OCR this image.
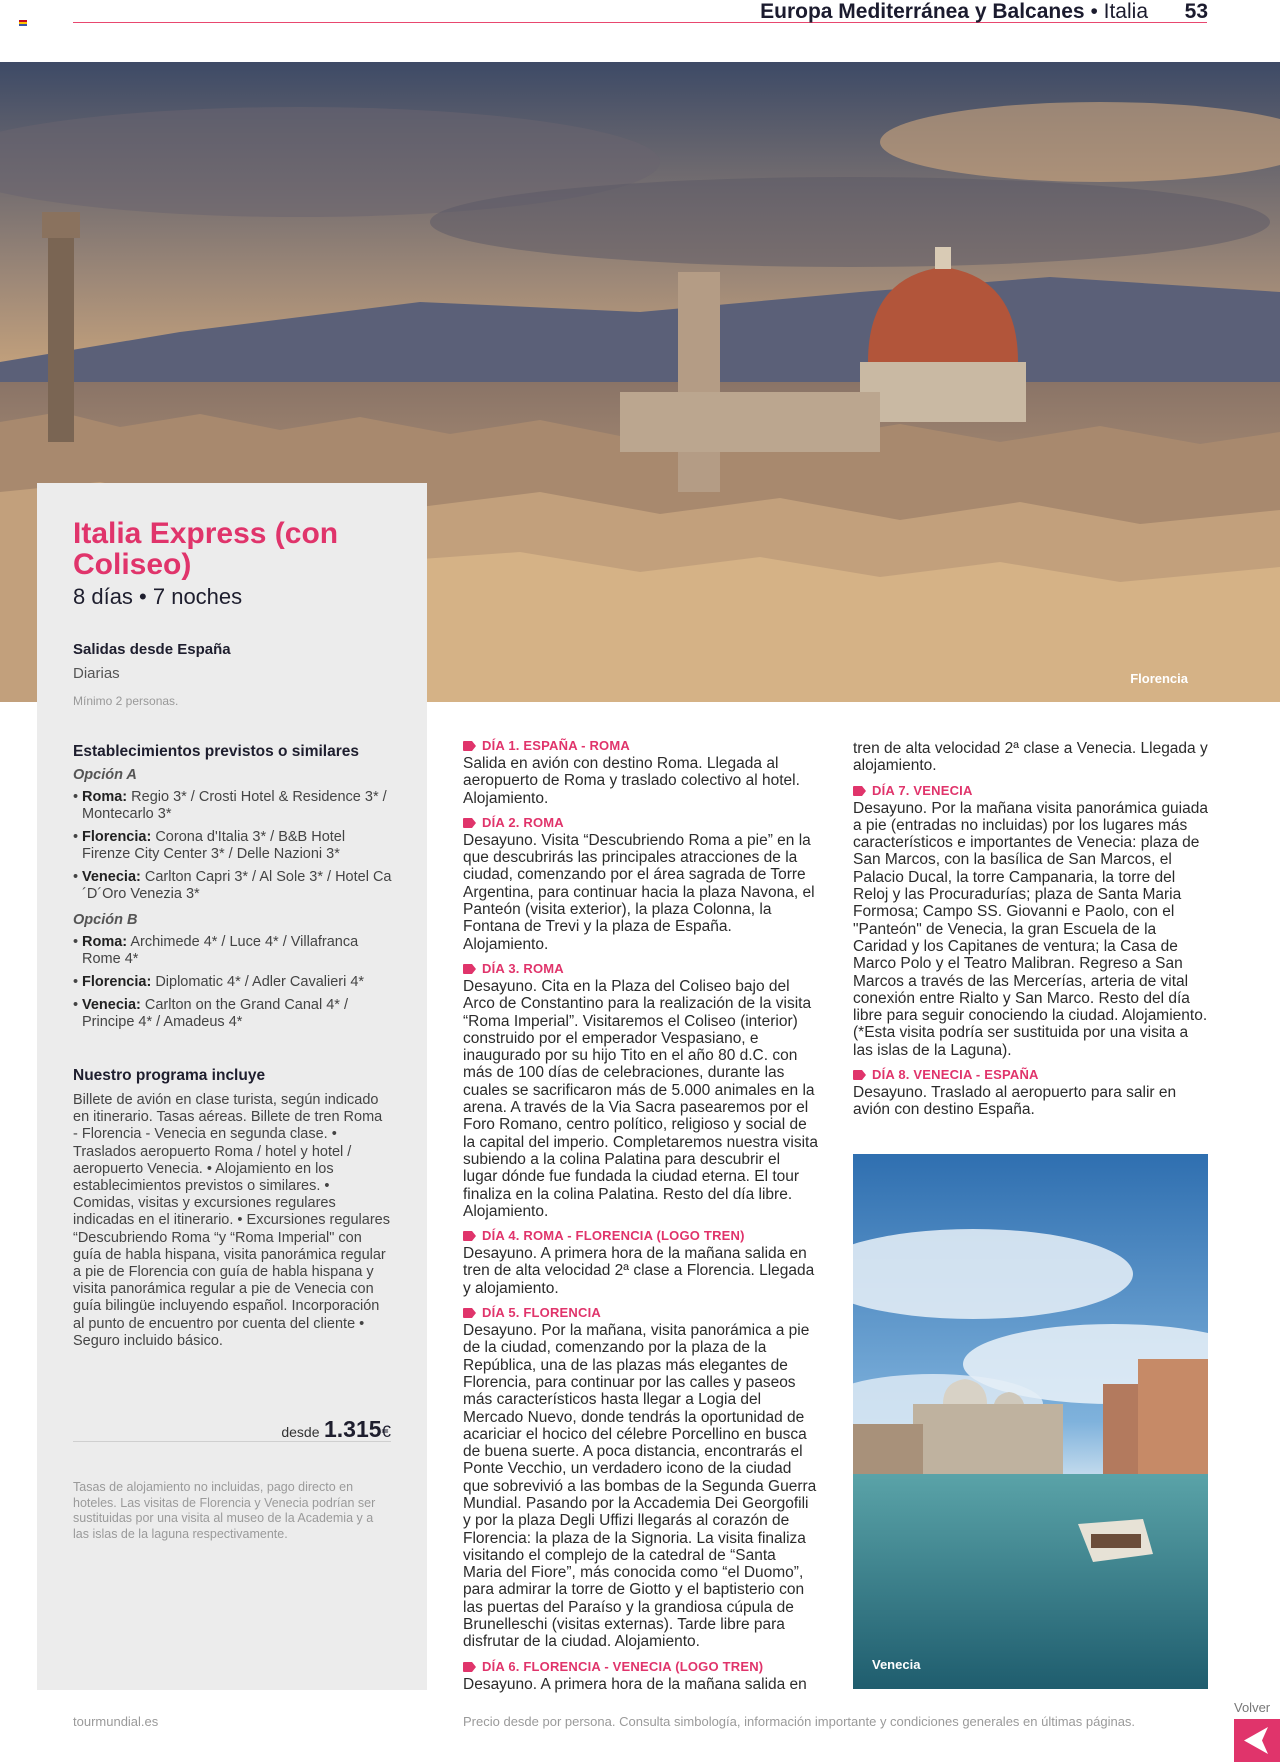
Europa Mediterránea y Balcanes • Italia 53
Florencia
Italia Express (con Coliseo)
8 días • 7 noches
Salidas desde España
Diarias
Mínimo 2 personas.
Establecimientos previstos o similares
Opción A
• Roma: Regio 3* / Crosti Hotel & Residence 3* / Montecarlo 3*
• Florencia: Corona d'Italia 3* / B&B Hotel Firenze City Center 3* / Delle Nazioni 3*
• Venecia: Carlton Capri 3* / Al Sole 3* / Hotel Ca´D´Oro Venezia 3*
Opción B
• Roma: Archimede 4* / Luce 4* / Villafranca Rome 4*
• Florencia: Diplomatic 4* / Adler Cavalieri 4*
• Venecia: Carlton on the Grand Canal 4* / Principe 4* / Amadeus 4*
Nuestro programa incluye
Billete de avión en clase turista, según indicado en itinerario. Tasas aéreas. Billete de tren Roma - Florencia - Venecia en segunda clase. • Traslados aeropuerto Roma / hotel y hotel / aeropuerto Venecia. • Alojamiento en los establecimientos previstos o similares. • Comidas, visitas y excursiones regulares indicadas en el itinerario. • Excursiones regulares “Descubriendo Roma “y “Roma Imperial" con guía de habla hispana, visita panorámica regular a pie de Florencia con guía de habla hispana y visita panorámica regular a pie de Venecia con guía bilingüe incluyendo español. Incorporación al punto de encuentro por cuenta del cliente • Seguro incluido básico.
desde 1.315€
Tasas de alojamiento no incluidas, pago directo en hoteles. Las visitas de Florencia y Venecia podrían ser sustituidas por una visita al museo de la Academia y a las islas de la laguna respectivamente.
DÍA 1. ESPAÑA - ROMA
Salida en avión con destino Roma. Llegada al aeropuerto de Roma y traslado colectivo al hotel. Alojamiento.
DÍA 2. ROMA
Desayuno. Visita “Descubriendo Roma a pie” en la que descubrirás las principales atracciones de la ciudad, comenzando por el área sagrada de Torre Argentina, para continuar hacia la plaza Navona, el Panteón (visita exterior), la plaza Colonna, la Fontana de Trevi y la plaza de España. Alojamiento.
DÍA 3. ROMA
Desayuno. Cita en la Plaza del Coliseo bajo del Arco de Constantino para la realización de la visita “Roma Imperial”. Visitaremos el Coliseo (interior) construido por el emperador Vespasiano, e inaugurado por su hijo Tito en el año 80 d.C. con más de 100 días de celebraciones, durante las cuales se sacrificaron más de 5.000 animales en la arena. A través de la Via Sacra pasearemos por el Foro Romano, centro político, religioso y social de la capital del imperio. Completaremos nuestra visita subiendo a la colina Palatina para descubrir el lugar dónde fue fundada la ciudad eterna. El tour finaliza en la colina Palatina. Resto del día libre. Alojamiento.
DÍA 4. ROMA - FLORENCIA (LOGO TREN)
Desayuno. A primera hora de la mañana salida en tren de alta velocidad 2ª clase a Florencia. Llegada y alojamiento.
DÍA 5. FLORENCIA
Desayuno. Por la mañana, visita panorámica a pie de la ciudad, comenzando por la plaza de la República, una de las plazas más elegantes de Florencia, para continuar por las calles y paseos más característicos hasta llegar a Logia del Mercado Nuevo, donde tendrás la oportunidad de acariciar el hocico del célebre Porcellino en busca de buena suerte. A poca distancia, encontrarás el Ponte Vecchio, un verdadero icono de la ciudad que sobrevivió a las bombas de la Segunda Guerra Mundial. Pasando por la Accademia Dei Georgofili y por la plaza Degli Uffizi llegarás al corazón de Florencia: la plaza de la Signoria. La visita finaliza visitando el complejo de la catedral de “Santa Maria del Fiore”, más conocida como “el Duomo”, para admirar la torre de Giotto y el baptisterio con las puertas del Paraíso y la grandiosa cúpula de Brunelleschi (visitas externas). Tarde libre para disfrutar de la ciudad. Alojamiento.
DÍA 6. FLORENCIA - VENECIA (LOGO TREN)
Desayuno. A primera hora de la mañana salida en
tren de alta velocidad 2ª clase a Venecia. Llegada y alojamiento.
DÍA 7. VENECIA
Desayuno. Por la mañana visita panorámica guiada a pie (entradas no incluidas) por los lugares más característicos e importantes de Venecia: plaza de San Marcos, con la basílica de San Marcos, el Palacio Ducal, la torre Campanaria, la torre del Reloj y las Procuradurías; plaza de Santa Maria Formosa; Campo SS. Giovanni e Paolo, con el "Panteón" de Venecia, la gran Escuela de la Caridad y los Capitanes de ventura; la Casa de Marco Polo y el Teatro Malibran. Regreso a San Marcos a través de las Mercerías, arteria de vital conexión entre Rialto y San Marco. Resto del día libre para seguir conociendo la ciudad. Alojamiento. (*Esta visita podría ser sustituida por una visita a las islas de la Laguna).
DÍA 8. VENECIA - ESPAÑA
Desayuno. Traslado al aeropuerto para salir en avión con destino España.
Venecia
tourmundial.es	Precio desde por persona. Consulta simbología, información importante y condiciones generales en últimas páginas.
Volver
